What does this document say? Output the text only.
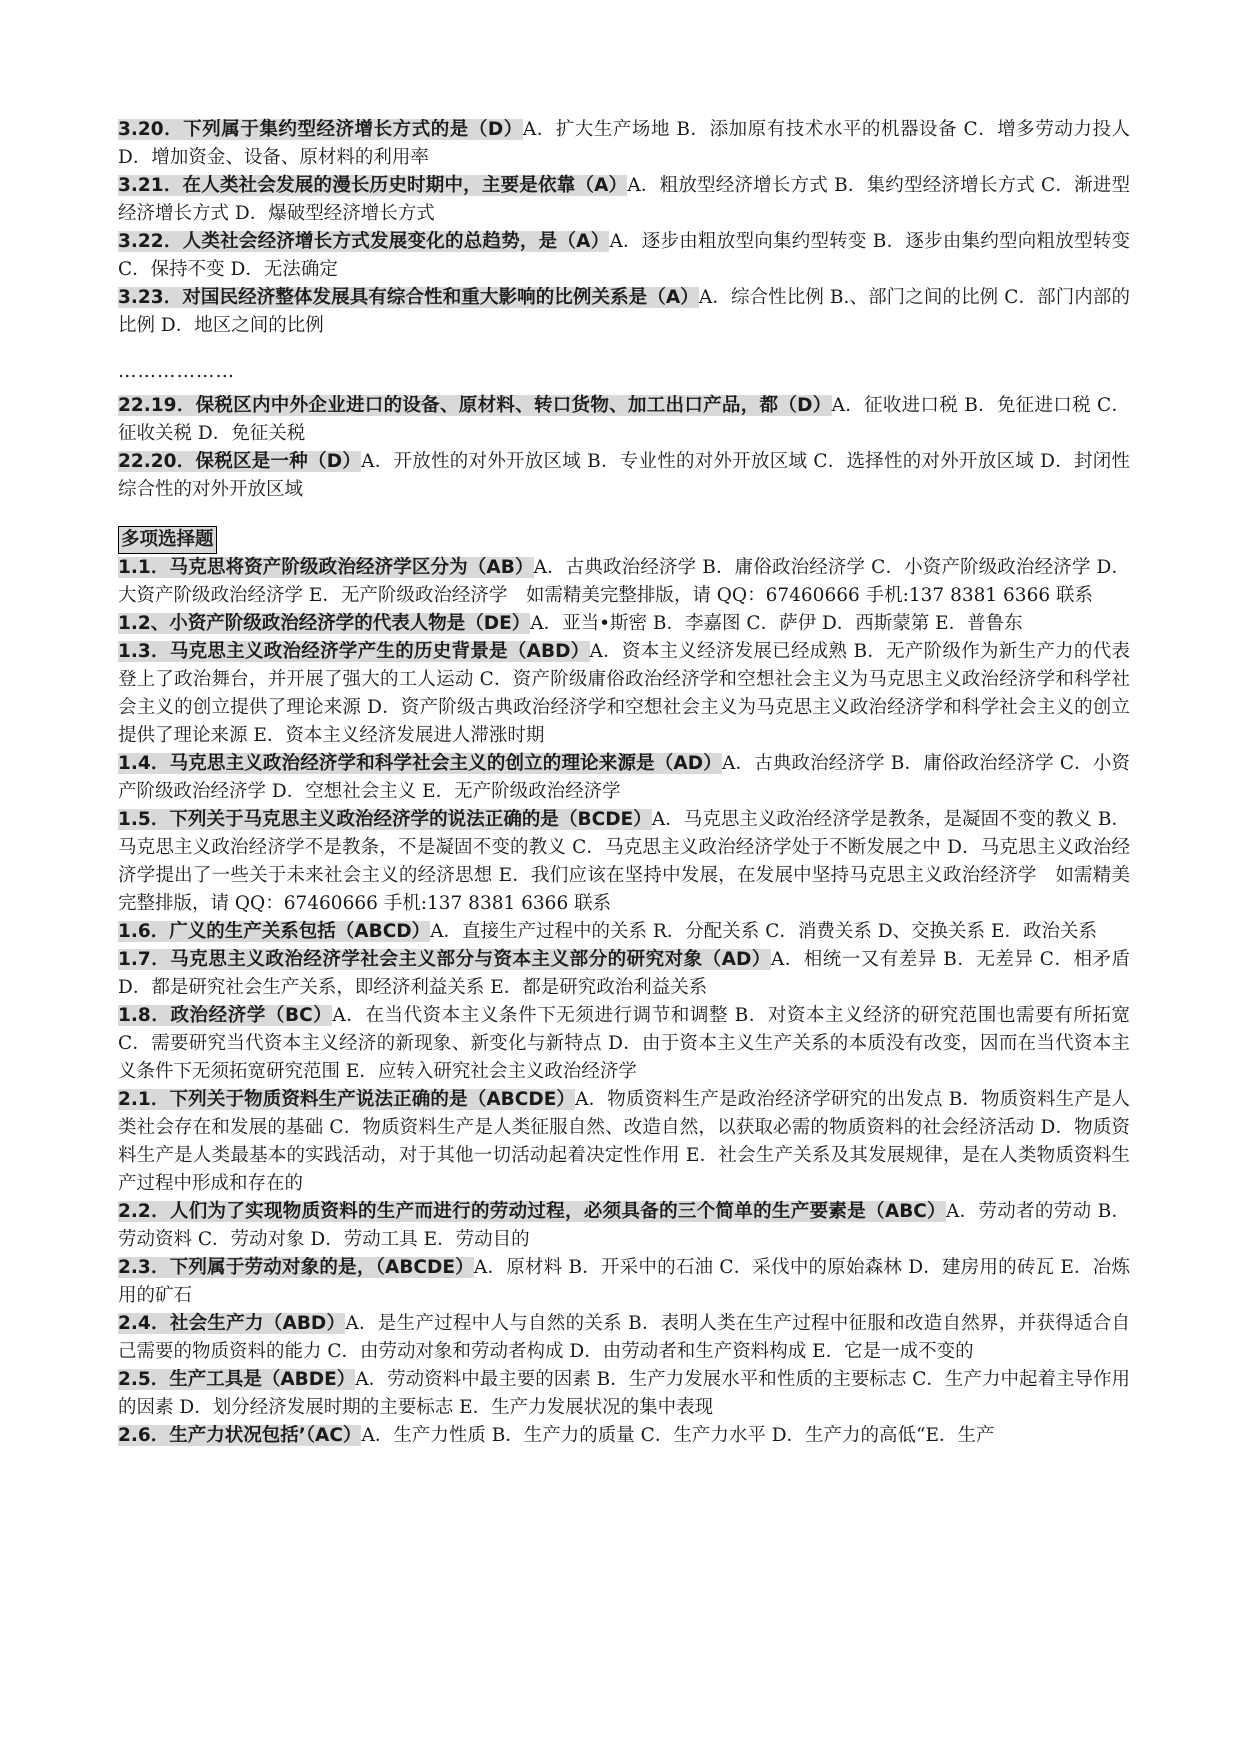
3.20．下列属于集约型经济增长方式的是（D）A．扩大生产场地 B．添加原有技术水平的机器设备 C．增多劳动力投人 D．增加资金、设备、原材料的利用率

3.21．在人类社会发展的漫长历史时期中，主要是依靠（A）A．粗放型经济增长方式 B．集约型经济增长方式 C．渐进型经济增长方式 D．爆破型经济增长方式

3.22．人类社会经济增长方式发展变化的总趋势，是（A）A．逐步由粗放型向集约型转变 B．逐步由集约型向粗放型转变 C．保持不变 D．无法确定

3.23．对国民经济整体发展具有综合性和重大影响的比例关系是（A）A．综合性比例 B.、部门之间的比例 C．部门内部的比例 D．地区之间的比例

………………

22.19．保税区内中外企业进口的设备、原材料、转口货物、加工出口产品，都（D）A．征收进口税 B．免征进口税 C．征收关税 D．免征关税

22.20．保税区是一种（D）A．开放性的对外开放区域 B．专业性的对外开放区域 C．选择性的对外开放区域 D．封闭性综合性的对外开放区域

多项选择题

1.1．马克思将资产阶级政治经济学区分为（AB）A．古典政治经济学 B．庸俗政治经济学 C．小资产阶级政治经济学 D．大资产阶级政治经济学 E．无产阶级政治经济学　如需精美完整排版，请 QQ：67460666 手机:137 8381 6366 联系

1.2、小资产阶级政治经济学的代表人物是（DE）A．亚当•斯密 B．李嘉图 C．萨伊 D．西斯蒙第 E．普鲁东

1.3．马克思主义政治经济学产生的历史背景是（ABD）A．资本主义经济发展已经成熟 B．无产阶级作为新生产力的代表登上了政治舞台，并开展了强大的工人运动 C．资产阶级庸俗政治经济学和空想社会主义为马克思主义政治经济学和科学社会主义的创立提供了理论来源 D．资产阶级古典政治经济学和空想社会主义为马克思主义政治经济学和科学社会主义的创立提供了理论来源 E．资本主义经济发展进人滞涨时期

1.4．马克思主义政治经济学和科学社会主义的创立的理论来源是（AD）A．古典政治经济学 B．庸俗政治经济学 C．小资产阶级政治经济学 D．空想社会主义 E．无产阶级政治经济学

1.5．下列关于马克思主义政治经济学的说法正确的是（BCDE）A．马克思主义政治经济学是教条，是凝固不变的教义 B．马克思主义政治经济学不是教条，不是凝固不变的教义 C．马克思主义政治经济学处于不断发展之中 D．马克思主义政治经济学提出了一些关于未来社会主义的经济思想 E．我们应该在坚持中发展，在发展中坚持马克思主义政治经济学　如需精美完整排版，请 QQ：67460666 手机:137 8381 6366 联系

1.6．广义的生产关系包括（ABCD）A．直接生产过程中的关系 R．分配关系 C．消费关系 D、交换关系 E．政治关系

1.7．马克思主义政治经济学社会主义部分与资本主义部分的研究对象（AD）A．相统一又有差异 B．无差异 C．相矛盾 D．都是研究社会生产关系，即经济利益关系 E．都是研究政治利益关系

1.8．政治经济学（BC）A．在当代资本主义条件下无须进行调节和调整 B．对资本主义经济的研究范围也需要有所拓宽 C．需要研究当代资本主义经济的新现象、新变化与新特点 D．由于资本主义生产关系的本质没有改变，因而在当代资本主义条件下无须拓宽研究范围 E．应转入研究社会主义政治经济学

2.1．下列关于物质资料生产说法正确的是（ABCDE）A．物质资料生产是政治经济学研究的出发点 B．物质资料生产是人类社会存在和发展的基础 C．物质资料生产是人类征服自然、改造自然，以获取必需的物质资料的社会经济活动 D．物质资料生产是人类最基本的实践活动，对于其他一切活动起着决定性作用 E．社会生产关系及其发展规律，是在人类物质资料生产过程中形成和存在的

2.2．人们为了实现物质资料的生产而进行的劳动过程，必须具备的三个简单的生产要素是（ABC）A．劳动者的劳动 B．劳动资料 C．劳动对象 D．劳动工具 E．劳动目的

2.3．下列属于劳动对象的是，（ABCDE）A．原材料 B．开采中的石油 C．采伐中的原始森林 D．建房用的砖瓦 E．冶炼用的矿石

2.4．社会生产力（ABD）A．是生产过程中人与自然的关系 B．表明人类在生产过程中征服和改造自然界，并获得适合自己需要的物质资料的能力 C．由劳动对象和劳动者构成 D．由劳动者和生产资料构成 E．它是一成不变的

2.5．生产工具是（ABDE）A．劳动资料中最主要的因素 B．生产力发展水平和性质的主要标志 C．生产力中起着主导作用的因素 D．划分经济发展时期的主要标志 E．生产力发展状况的集中表现

2.6．生产力状况包括’（AC）A．生产力性质 B．生产力的质量 C．生产力水平 D．生产力的高低“E．生产
